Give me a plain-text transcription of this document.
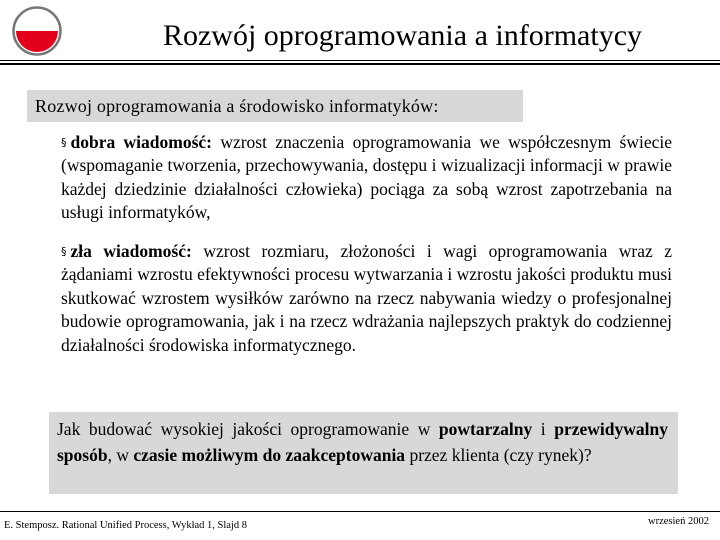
Rozwój oprogramowania a informatycy
Rozwoj oprogramowania a środowisko informatyków:
§ dobra wiadomość: wzrost znaczenia oprogramowania we współczesnym świecie (wspomaganie tworzenia, przechowywania, dostępu i wizualizacji informacji w prawie każdej dziedzinie działalności człowieka) pociąga za sobą wzrost zapotrzebania na usługi informatyków,
§ zła wiadomość: wzrost rozmiaru, złożoności i wagi oprogramowania wraz z żądaniami wzrostu efektywności procesu wytwarzania i wzrostu jakości produktu musi skutkować wzrostem wysiłków zarówno na rzecz nabywania wiedzy o profesjonalnej budowie oprogramowania, jak i na rzecz wdrażania najlepszych praktyk do codziennej działalności środowiska informatycznego.
Jak budować wysokiej jakości oprogramowanie w powtarzalny i przewidywalny sposób, w czasie możliwym do zaakceptowania przez klienta (czy rynek)?
E. Stemposz. Rational Unified Process, Wykład 1, Slajd 8	wrzesień 2002
